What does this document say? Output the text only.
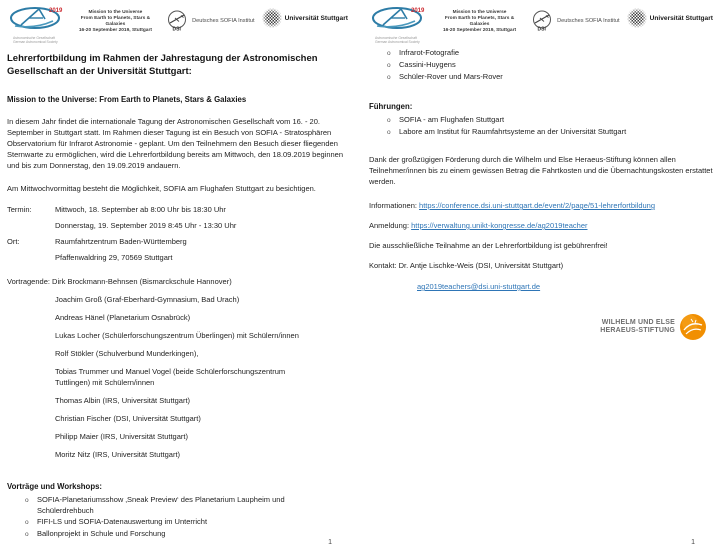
2019
Astronomische Gesellschaft
German Astronomical Society
Mission to the Universe
From Earth to Planets, Stars & Galaxies
16-20 September 2019, Stuttgart	DSI
Deutsches SOFIA Institut	Universität Stuttgart
Lehrerfortbildung im Rahmen der Jahrestagung der Astronomischen Gesellschaft an der Universität Stuttgart:
Mission to the Universe: From Earth to Planets, Stars & Galaxies

In diesem Jahr findet die internationale Tagung der Astronomischen Gesellschaft vom 16. - 20. September in Stuttgart statt. Im Rahmen dieser Tagung ist ein Besuch von SOFIA - Stratosphären Observatorium für Infrarot Astronomie - geplant. Um den Teilnehmern den Besuch dieser fliegenden Sternwarte zu ermöglichen, wird die Lehrerfortbildung bereits am Mittwoch, den 18.09.2019 beginnen und bis zum Donnerstag, den 19.09.2019 andauern.

Am Mittwochvormittag besteht die Möglichkeit, SOFIA am Flughafen Stuttgart zu besichtigen.

Termin:	Mittwoch, 18. September ab 8:00 Uhr bis 18:30 Uhr
Donnerstag, 19. September 2019 8:45 Uhr - 13:30 Uhr
Ort:	Raumfahrtzentrum Baden-Württemberg
Pfaffenwaldring 29, 70569 Stuttgart
Vortragende: Dirk Brockmann-Behnsen (Bismarckschule Hannover)
Joachim Groß (Graf-Eberhard-Gymnasium, Bad Urach)
Andreas Hänel (Planetarium Osnabrück)
Lukas Locher (Schülerforschungszentrum Überlingen) mit Schülern/innen
Rolf Stökler (Schulverbund Munderkingen),
Tobias Trummer und Manuel Vogel (beide Schülerforschungszentrum Tuttlingen) mit Schülern/innen
Thomas Albin (IRS, Universität Stuttgart)
Christian Fischer (DSI, Universität Stuttgart)
Philipp Maier (IRS, Universität Stuttgart)
Moritz Nitz (IRS, Universität Stuttgart)
Vorträge und Workshops:
o	SOFIA-Planetariumsshow ‚Sneak Preview‘ des Planetarium Laupheim und Schülerdrehbuch
o	FIFI-LS und SOFIA-Datenauswertung im Unterricht
o	Ballonprojekt in Schule und Forschung
1
2019
Astronomische Gesellschaft
German Astronomical Society
Mission to the Universe
From Earth to Planets, Stars & Galaxies
16-20 September 2019, Stuttgart	DSI
Deutsches SOFIA Institut	Universität Stuttgart
o	Infrarot-Fotografie
o	Cassini-Huygens
o	Schüler-Rover und Mars-Rover
Führungen:
o	SOFIA - am Flughafen Stuttgart
o	Labore am Institut für Raumfahrtsysteme an der Universität Stuttgart

Dank der großzügigen Förderung durch die Wilhelm und Else Heraeus-Stiftung können allen Teilnehmer/innen bis zu einem gewissen Betrag die Fahrtkosten und die Übernachtungskosten erstattet werden.

Informationen: https://conference.dsi.uni-stuttgart.de/event/2/page/51-lehrerfortbildung
Anmeldung: https://verwaltung.unikt-kongresse.de/ag2019teacher
Die ausschließliche Teilnahme an der Lehrerfortbildung ist gebührenfrei!
Kontakt: Dr. Antje Lischke-Weis (DSI, Universität Stuttgart)
ag2019teachers@dsi.uni-stuttgart.de
WILHELM UND ELSE
HERAEUS-STIFTUNG
1
